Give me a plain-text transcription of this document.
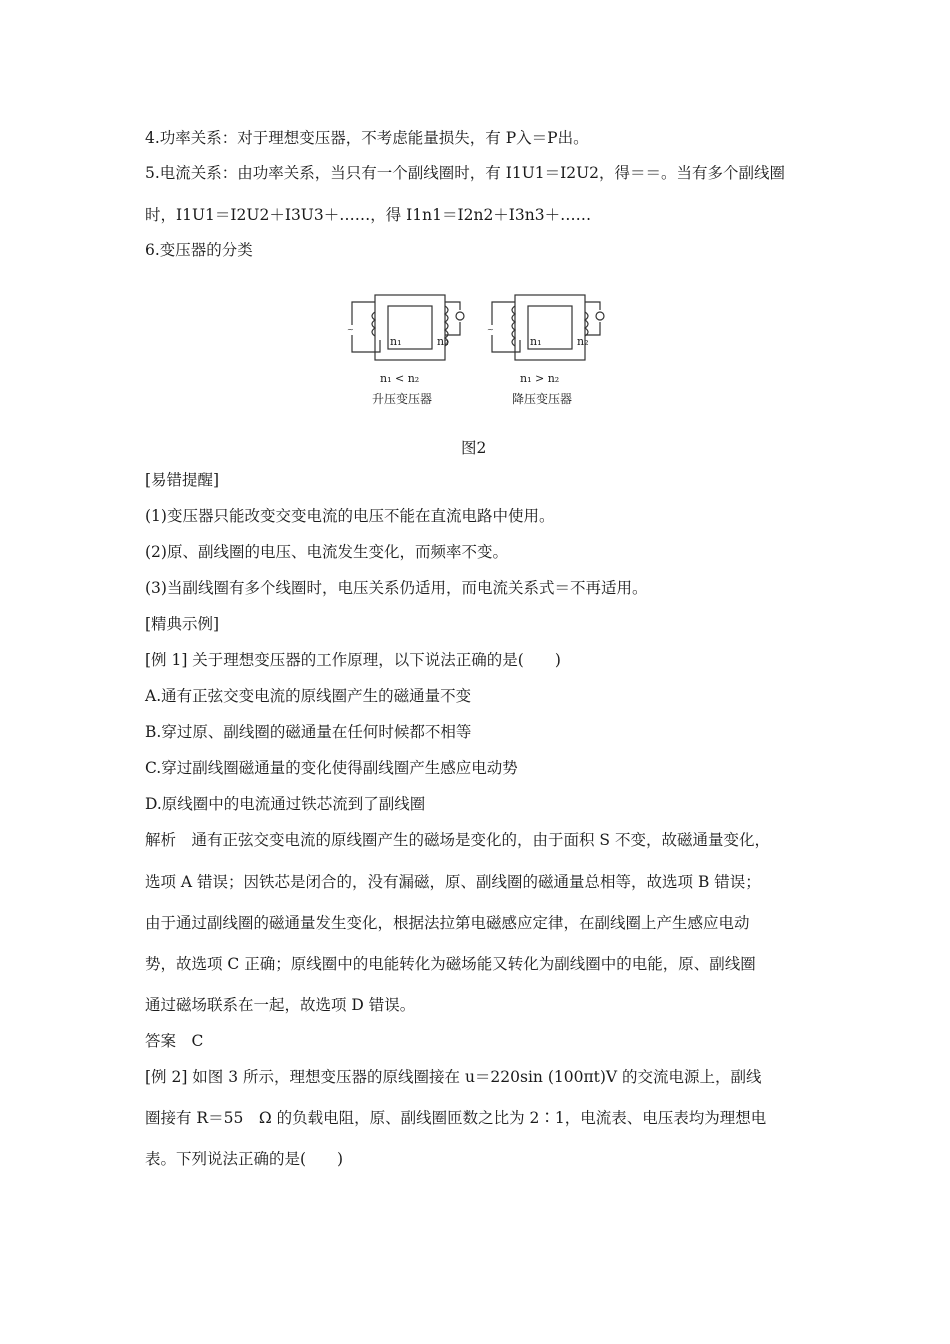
4.功率关系：对于理想变压器，不考虑能量损失，有 P入＝P出。
5.电流关系：由功率关系，当只有一个副线圈时，有 I1U1＝I2U2，得＝＝。当有多个副线圈
时，I1U1＝I2U2＋I3U3＋……，得 I1n1＝I2n2＋I3n3＋……
6.变压器的分类
~	~
n₁	n₂
n₁ < n₂
升压变压器
n₁	n₂
n₁ > n₂
降压变压器
图2
[易错提醒]
(1)变压器只能改变交变电流的电压不能在直流电路中使用。
(2)原、副线圈的电压、电流发生变化，而频率不变。
(3)当副线圈有多个线圈时，电压关系仍适用，而电流关系式＝不再适用。
[精典示例]
[例 1] 关于理想变压器的工作原理，以下说法正确的是(　　)
A.通有正弦交变电流的原线圈产生的磁通量不变
B.穿过原、副线圈的磁通量在任何时候都不相等
C.穿过副线圈磁通量的变化使得副线圈产生感应电动势
D.原线圈中的电流通过铁芯流到了副线圈
解析　通有正弦交变电流的原线圈产生的磁场是变化的，由于面积 S 不变，故磁通量变化，
选项 A 错误；因铁芯是闭合的，没有漏磁，原、副线圈的磁通量总相等，故选项 B 错误；
由于通过副线圈的磁通量发生变化，根据法拉第电磁感应定律，在副线圈上产生感应电动
势，故选项 C 正确；原线圈中的电能转化为磁场能又转化为副线圈中的电能，原、副线圈
通过磁场联系在一起，故选项 D 错误。
答案　C
[例 2] 如图 3 所示，理想变压器的原线圈接在 u＝220sin (100πt)V 的交流电源上，副线
圈接有 R＝55　Ω 的负载电阻，原、副线圈匝数之比为 2∶1，电流表、电压表均为理想电
表。下列说法正确的是(　　)
